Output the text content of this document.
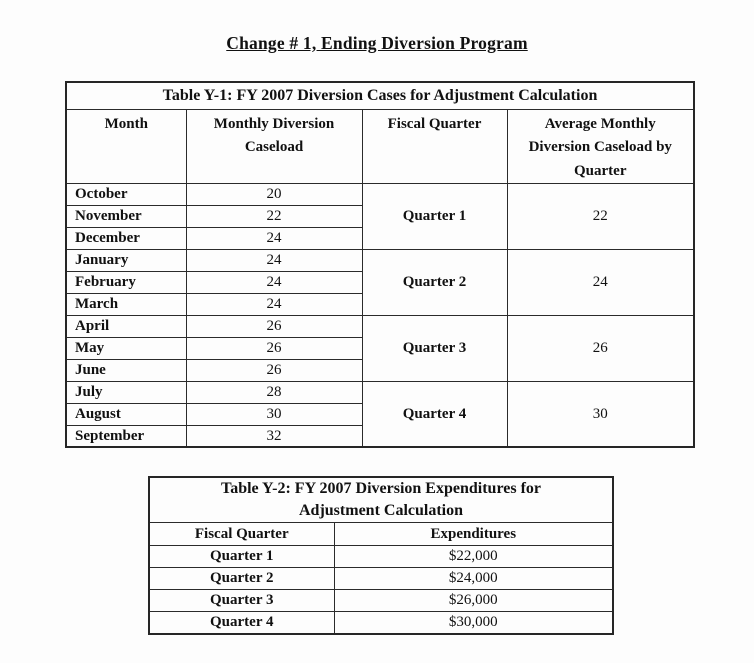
Change # 1, Ending Diversion Program
Table Y-1: FY 2007 Diversion Cases for Adjustment Calculation			
Month	Monthly Diversion Caseload	Fiscal Quarter	Average Monthly Diversion Caseload by Quarter
October	20	Quarter 1	22
November	22		
December	24		
January	24	Quarter 2	24
February	24		
March	24		
April	26	Quarter 3	26
May	26		
June	26		
July	28	Quarter 4	30
August	30		
September	32		
Table Y-2: FY 2007 Diversion Expenditures for Adjustment Calculation	
Fiscal Quarter	Expenditures
Quarter 1	$22,000
Quarter 2	$24,000
Quarter 3	$26,000
Quarter 4	$30,000
